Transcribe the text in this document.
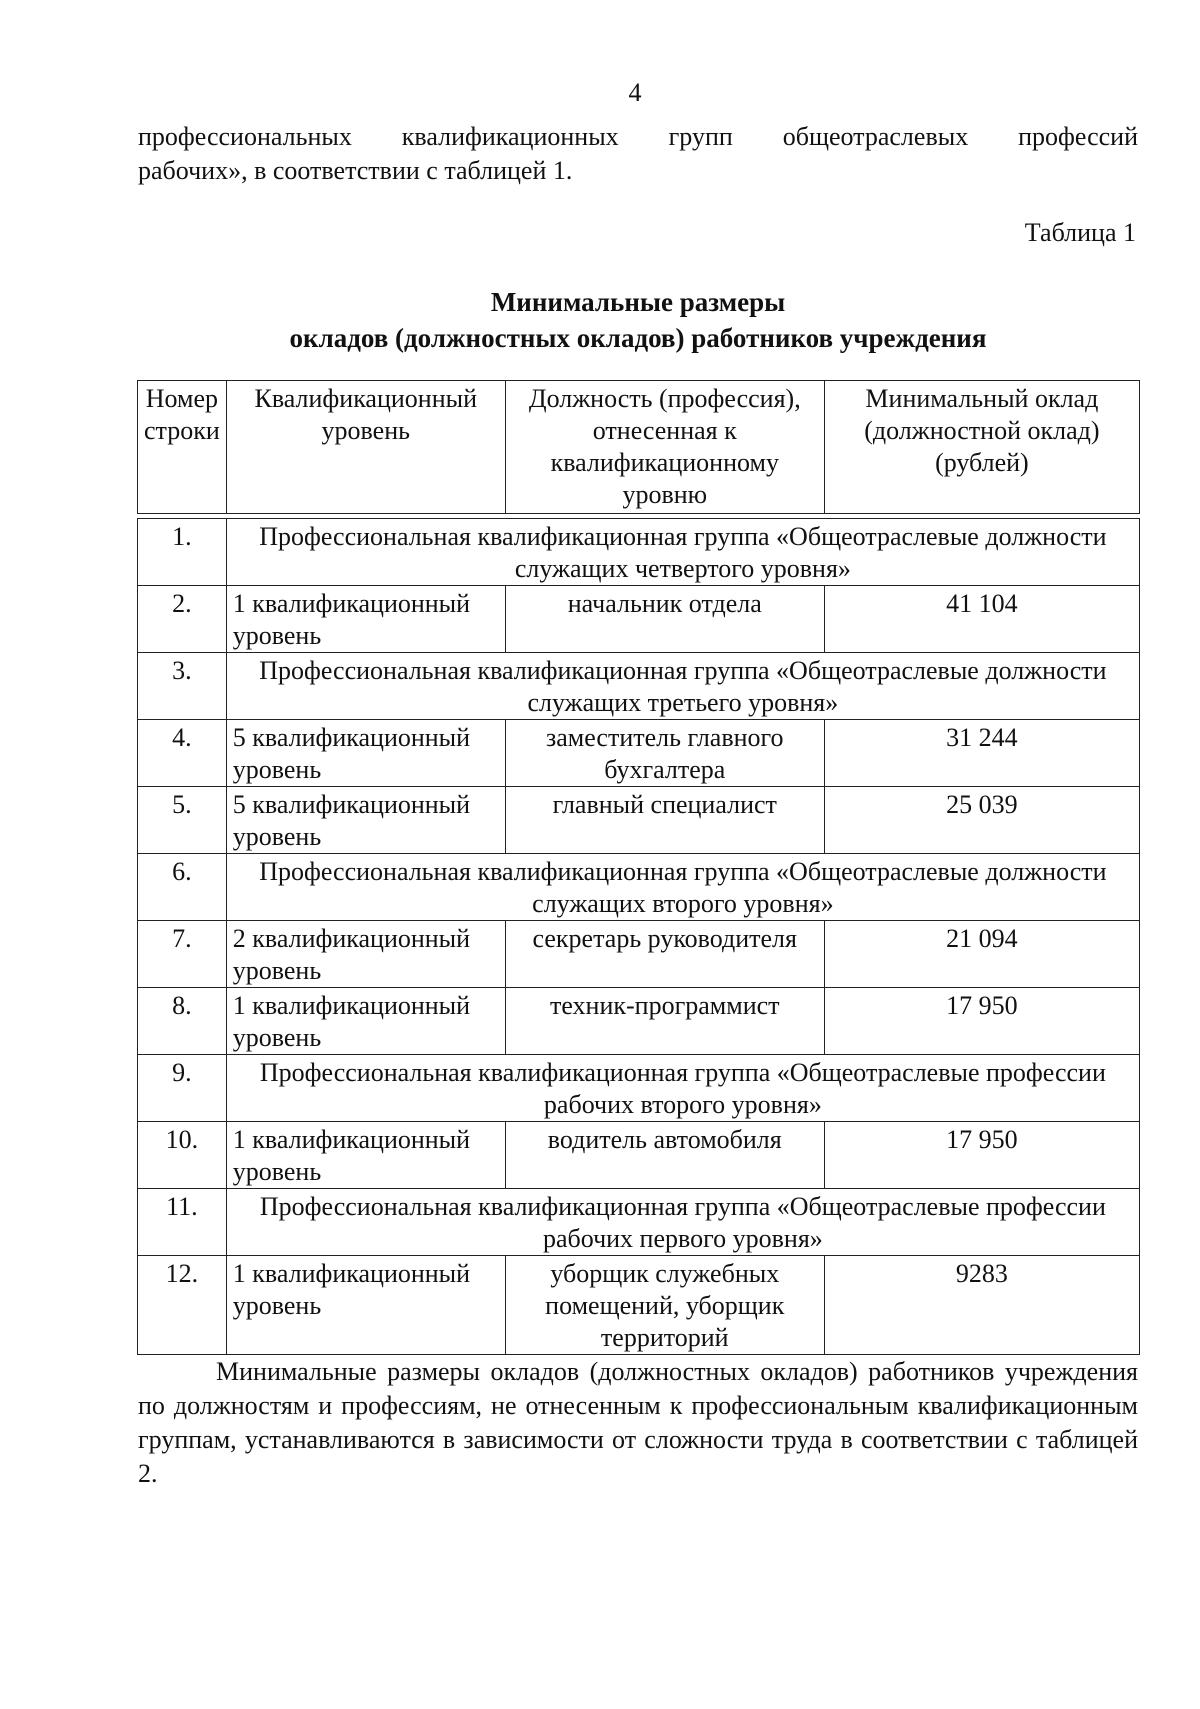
4
профессиональных квалификационных групп общеотраслевых профессий
рабочих», в соответствии с таблицей 1.
Таблица 1
Минимальные размеры
окладов (должностных окладов) работников учреждения
Номер строки	Квалификационный уровень	Должность (профессия), отнесенная к квалификационному уровню	Минимальный оклад (должностной оклад) (рублей)

1.	Профессиональная квалификационная группа «Общеотраслевые должности служащих четвертого уровня»		
2.	1 квалификационный уровень	начальник отдела	41 104
3.	Профессиональная квалификационная группа «Общеотраслевые должности служащих третьего уровня»		
4.	5 квалификационный уровень	заместитель главного бухгалтера	31 244
5.	5 квалификационный уровень	главный специалист	25 039
6.	Профессиональная квалификационная группа «Общеотраслевые должности служащих второго уровня»		
7.	2 квалификационный уровень	секретарь руководителя	21 094
8.	1 квалификационный уровень	техник-программист	17 950
9.	Профессиональная квалификационная группа «Общеотраслевые профессии рабочих второго уровня»		
10.	1 квалификационный уровень	водитель автомобиля	17 950
11.	Профессиональная квалификационная группа «Общеотраслевые профессии рабочих первого уровня»		
12.	1 квалификационный уровень	уборщик служебных помещений, уборщик территорий	9283
Минимальные размеры окладов (должностных окладов) работников учреждения по должностям и профессиям, не отнесенным к профессиональным квалификационным группам, устанавливаются в зависимости от сложности труда в соответствии с таблицей 2.
